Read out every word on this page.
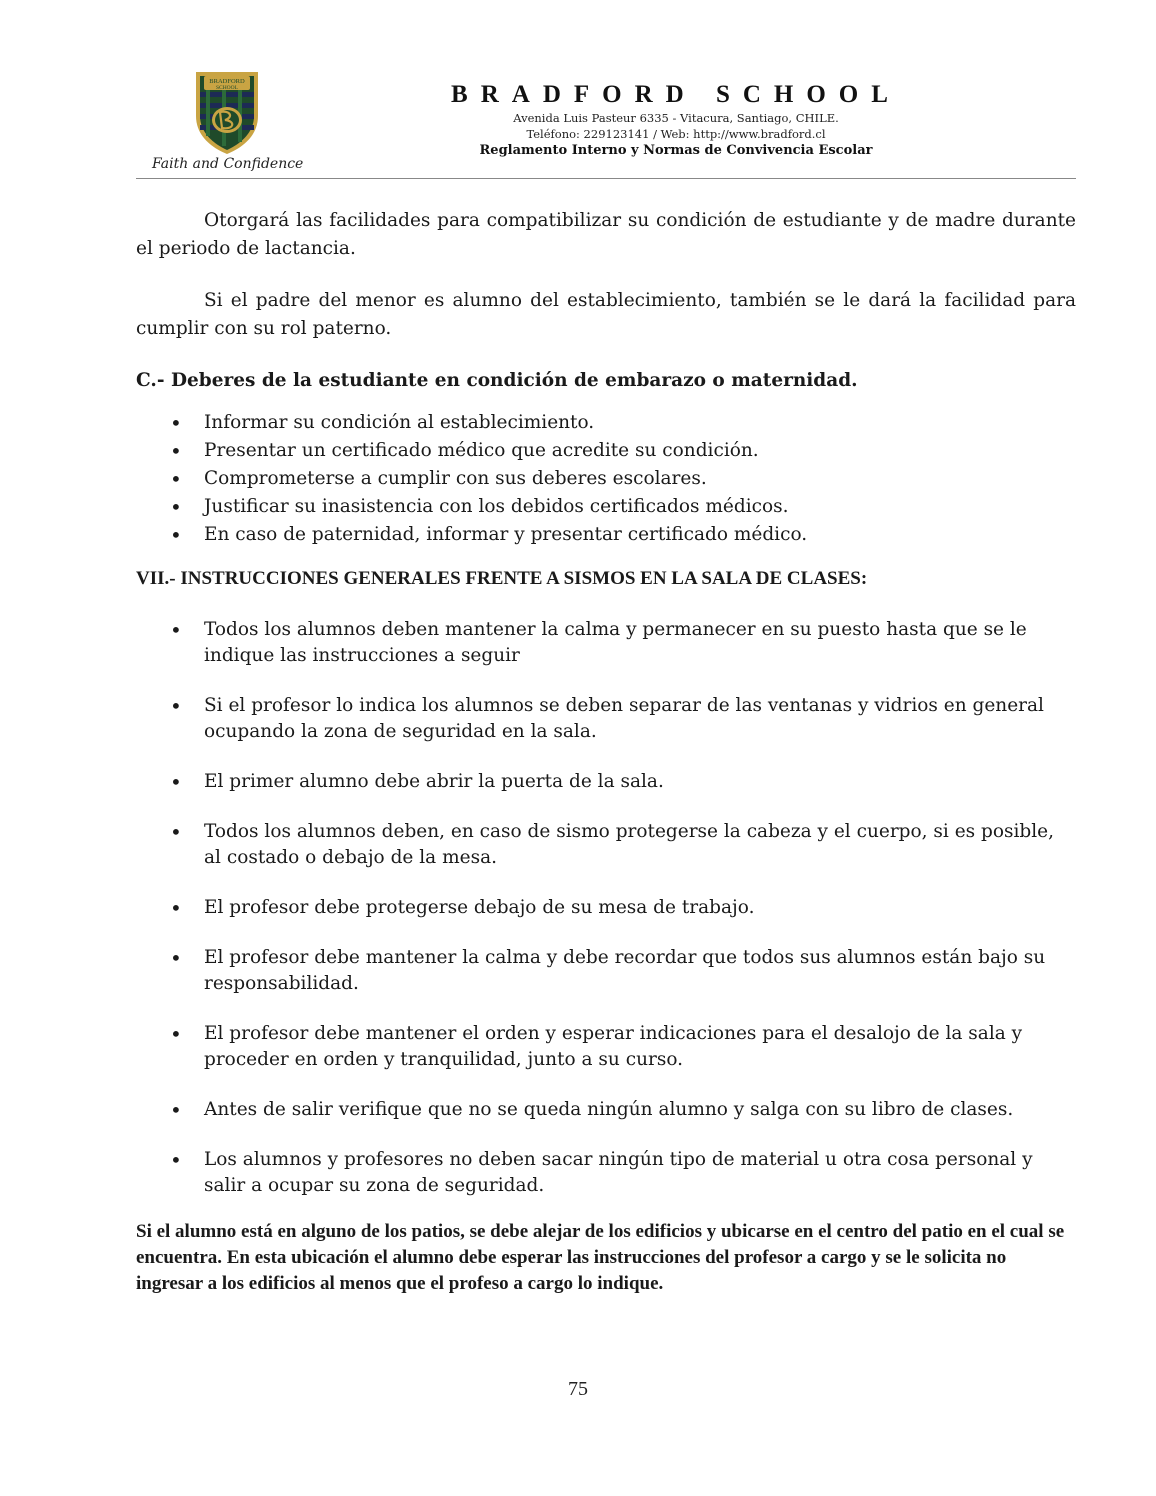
BRADFORD
SCHOOL
Faith and Confidence
BRADFORD SCHOOL
Avenida Luis Pasteur 6335 - Vitacura, Santiago, CHILE.
Teléfono: 229123141 / Web: http://www.bradford.cl
Reglamento Interno y Normas de Convivencia Escolar

Otorgará las facilidades para compatibilizar su condición de estudiante y de madre durante el periodo de lactancia.

Si el padre del menor es alumno del establecimiento, también se le dará la facilidad para cumplir con su rol paterno.

C.- Deberes de la estudiante en condición de embarazo o maternidad.
• Informar su condición al establecimiento.
• Presentar un certificado médico que acredite su condición.
• Comprometerse a cumplir con sus deberes escolares.
• Justificar su inasistencia con los debidos certificados médicos.
• En caso de paternidad, informar y presentar certificado médico.
VII.- INSTRUCCIONES GENERALES FRENTE A SISMOS EN LA SALA DE CLASES:
• Todos los alumnos deben mantener la calma y permanecer en su puesto hasta que se le indique las instrucciones a seguir
• Si el profesor lo indica los alumnos se deben separar de las ventanas y vidrios en general ocupando la zona de seguridad en la sala.
• El primer alumno debe abrir la puerta de la sala.
• Todos los alumnos deben, en caso de sismo protegerse la cabeza y el cuerpo, si es posible, al costado o debajo de la mesa.
• El profesor debe protegerse debajo de su mesa de trabajo.
• El profesor debe mantener la calma y debe recordar que todos sus alumnos están bajo su responsabilidad.
• El profesor debe mantener el orden y esperar indicaciones para el desalojo de la sala y proceder en orden y tranquilidad, junto a su curso.
• Antes de salir verifique que no se queda ningún alumno y salga con su libro de clases.
• Los alumnos y profesores no deben sacar ningún tipo de material u otra cosa personal y salir a ocupar su zona de seguridad.
Si el alumno está en alguno de los patios, se debe alejar de los edificios y ubicarse en el centro del patio en el cual se encuentra. En esta ubicación el alumno debe esperar las instrucciones del profesor a cargo y se le solicita no ingresar a los edificios al menos que el profeso a cargo lo indique.
75
